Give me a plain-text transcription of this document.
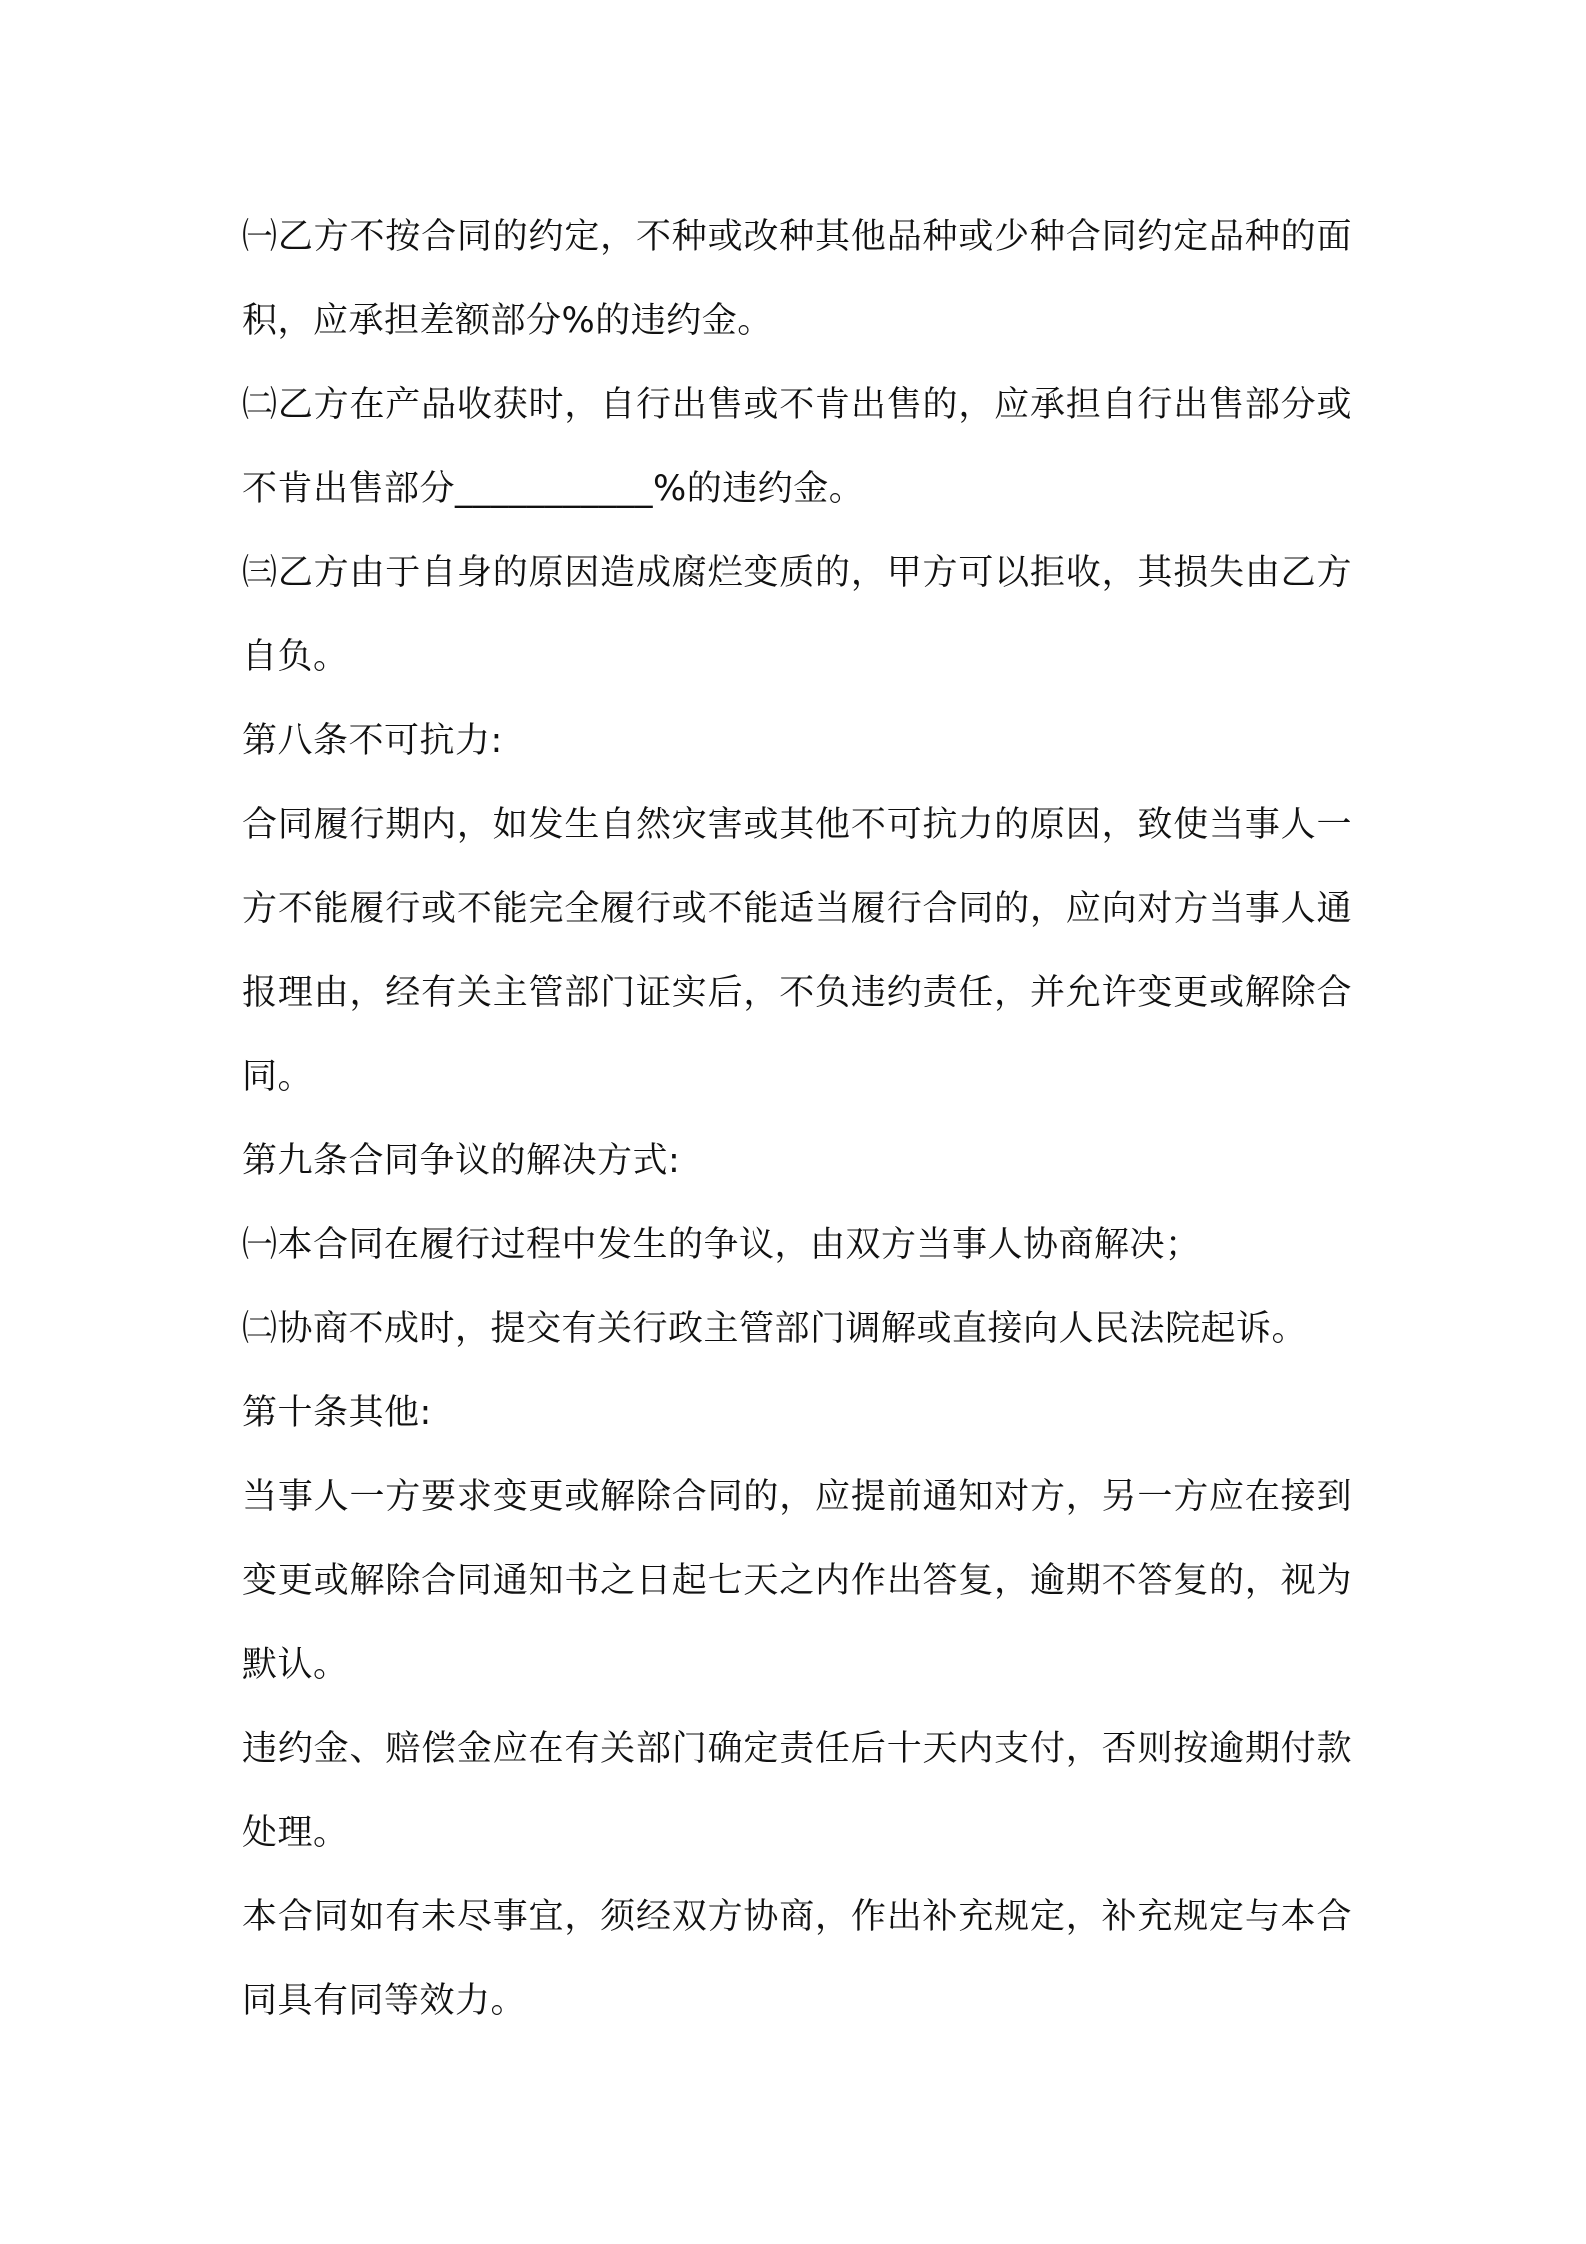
㈠乙方不按合同的约定，不种或改种其他品种或少种合同约定品种的面积，应承担差额部分%的违约金。

㈡乙方在产品收获时，自行出售或不肯出售的，应承担自行出售部分或不肯出售部分___________%的违约金。

㈢乙方由于自身的原因造成腐烂变质的，甲方可以拒收，其损失由乙方自负。

第八条不可抗力:

合同履行期内，如发生自然灾害或其他不可抗力的原因，致使当事人一方不能履行或不能完全履行或不能适当履行合同的，应向对方当事人通报理由，经有关主管部门证实后，不负违约责任，并允许变更或解除合同。

第九条合同争议的解决方式:

㈠本合同在履行过程中发生的争议，由双方当事人协商解决；

㈡协商不成时，提交有关行政主管部门调解或直接向人民法院起诉。

第十条其他:

当事人一方要求变更或解除合同的，应提前通知对方，另一方应在接到变更或解除合同通知书之日起七天之内作出答复，逾期不答复的，视为默认。

违约金、赔偿金应在有关部门确定责任后十天内支付，否则按逾期付款处理。

本合同如有未尽事宜，须经双方协商，作出补充规定，补充规定与本合同具有同等效力。
